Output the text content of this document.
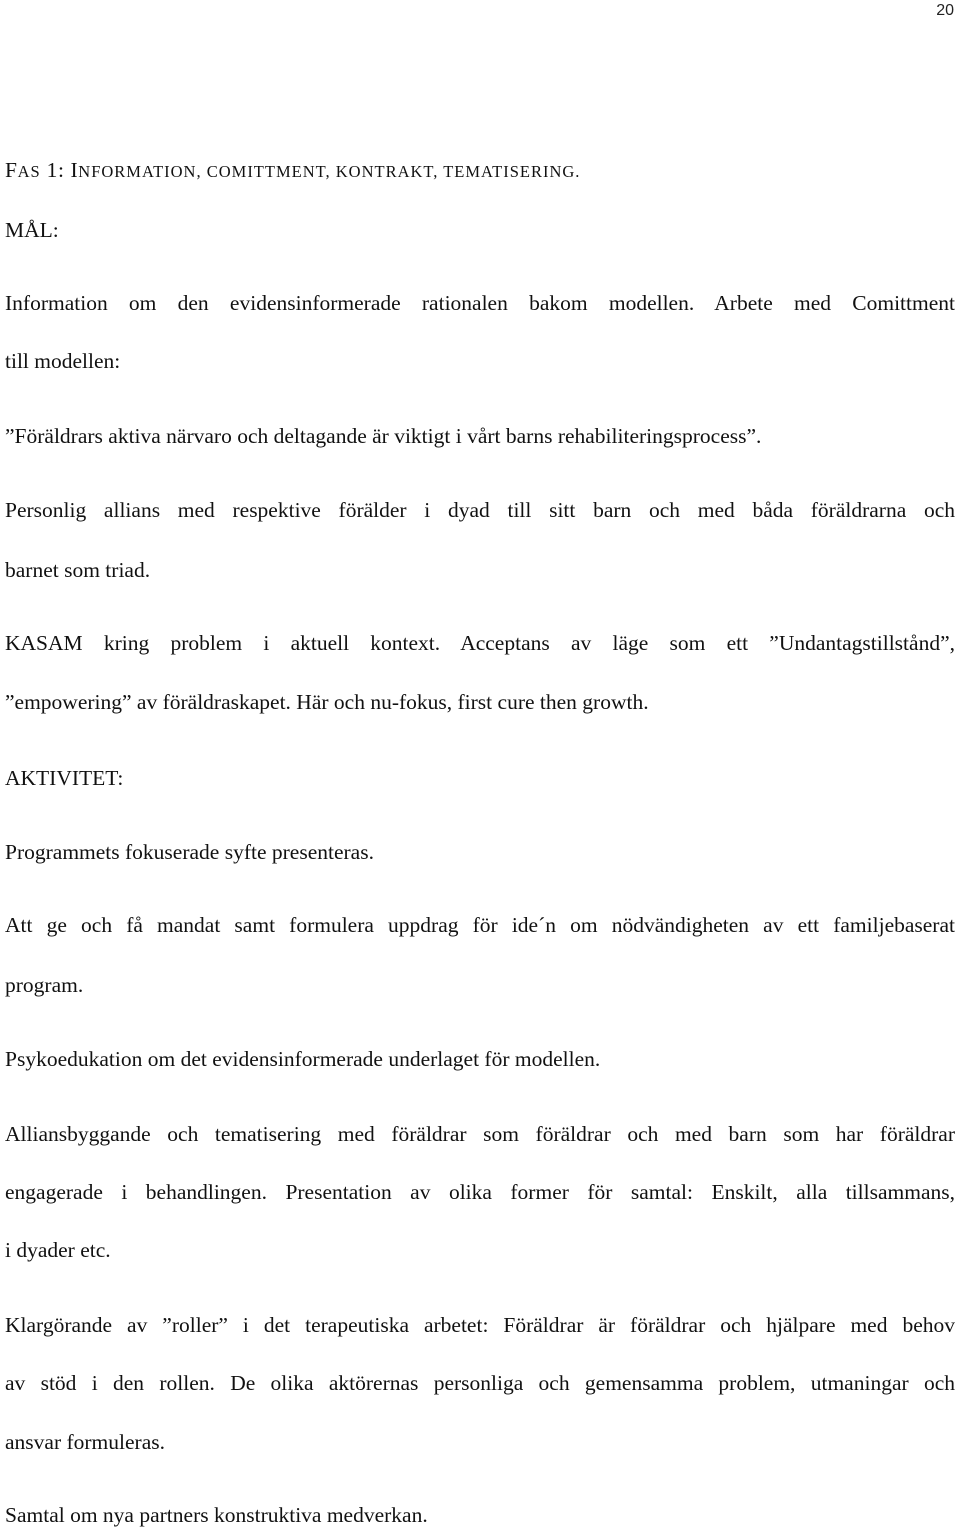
20
FAS 1: INFORMATION, COMITTMENT, KONTRAKT, TEMATISERING.
MÅL:
Information om den evidensinformerade rationalen bakom modellen. Arbete med Comittment
till modellen:
”Föräldrars aktiva närvaro och deltagande är viktigt i vårt barns rehabiliteringsprocess”.
Personlig allians med respektive förälder i dyad till sitt barn och med båda föräldrarna och
barnet som triad.
KASAM kring problem i aktuell kontext. Acceptans av läge som ett ”Undantagstillstånd”,
”empowering” av föräldraskapet. Här och nu-fokus, first cure then growth.
AKTIVITET:
Programmets fokuserade syfte presenteras.
Att ge och få mandat samt formulera uppdrag för ide´n om nödvändigheten av ett familjebaserat
program.
Psykoedukation om det evidensinformerade underlaget för modellen.
Alliansbyggande och tematisering med föräldrar som föräldrar och med barn som har föräldrar
engagerade i behandlingen. Presentation av olika former för samtal: Enskilt, alla tillsammans,
i dyader etc.
Klargörande av ”roller” i det terapeutiska arbetet: Föräldrar är föräldrar och hjälpare med behov
av stöd i den rollen. De olika aktörernas personliga och gemensamma problem, utmaningar och
ansvar formuleras.
Samtal om nya partners konstruktiva medverkan.
